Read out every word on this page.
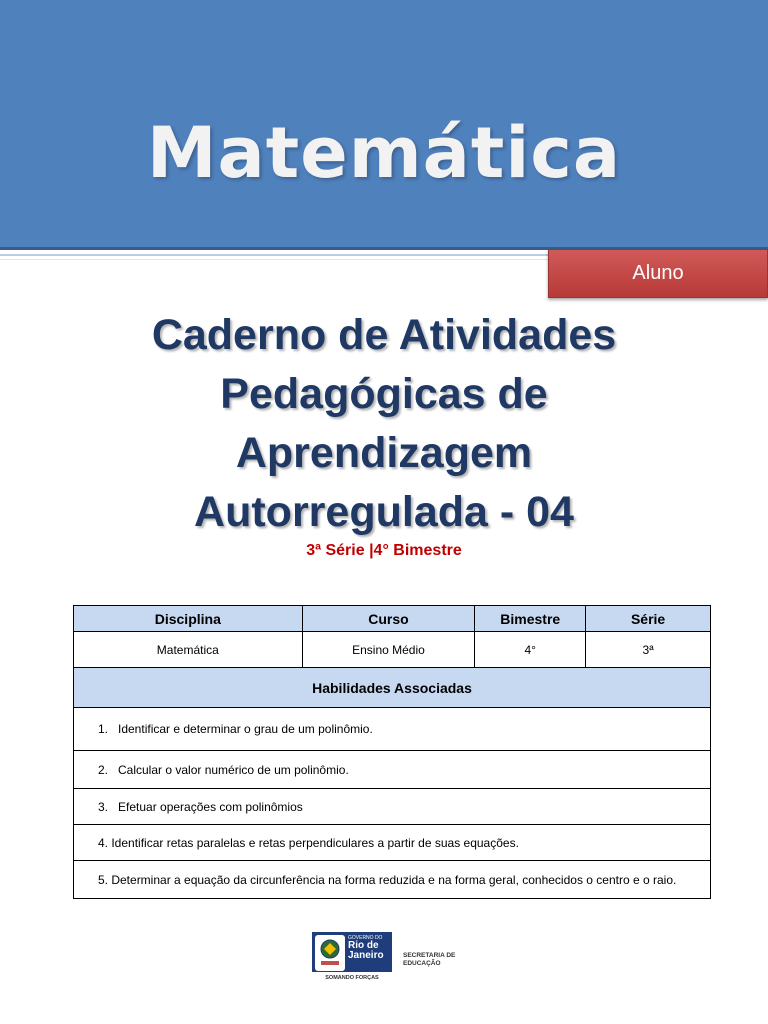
Matemática
Aluno
Caderno de Atividades
Pedagógicas de
Aprendizagem
Autorregulada - 04
3ª Série |4° Bimestre
Disciplina	Curso	Bimestre	Série
Matemática	Ensino Médio	4°	3ª
Habilidades Associadas			
1. Identificar e determinar o grau de um polinômio.			
2. Calcular o valor numérico de um polinômio.			
3. Efetuar operações com polinômios			
4. Identificar retas paralelas e retas perpendiculares a partir de suas equações.			
5. Determinar a equação da circunferência na forma reduzida e na forma geral, conhecidos o centro e o raio.			
GOVERNO DO
Rio de Janeiro	SECRETARIA DE EDUCAÇÃO
SOMANDO FORÇAS
